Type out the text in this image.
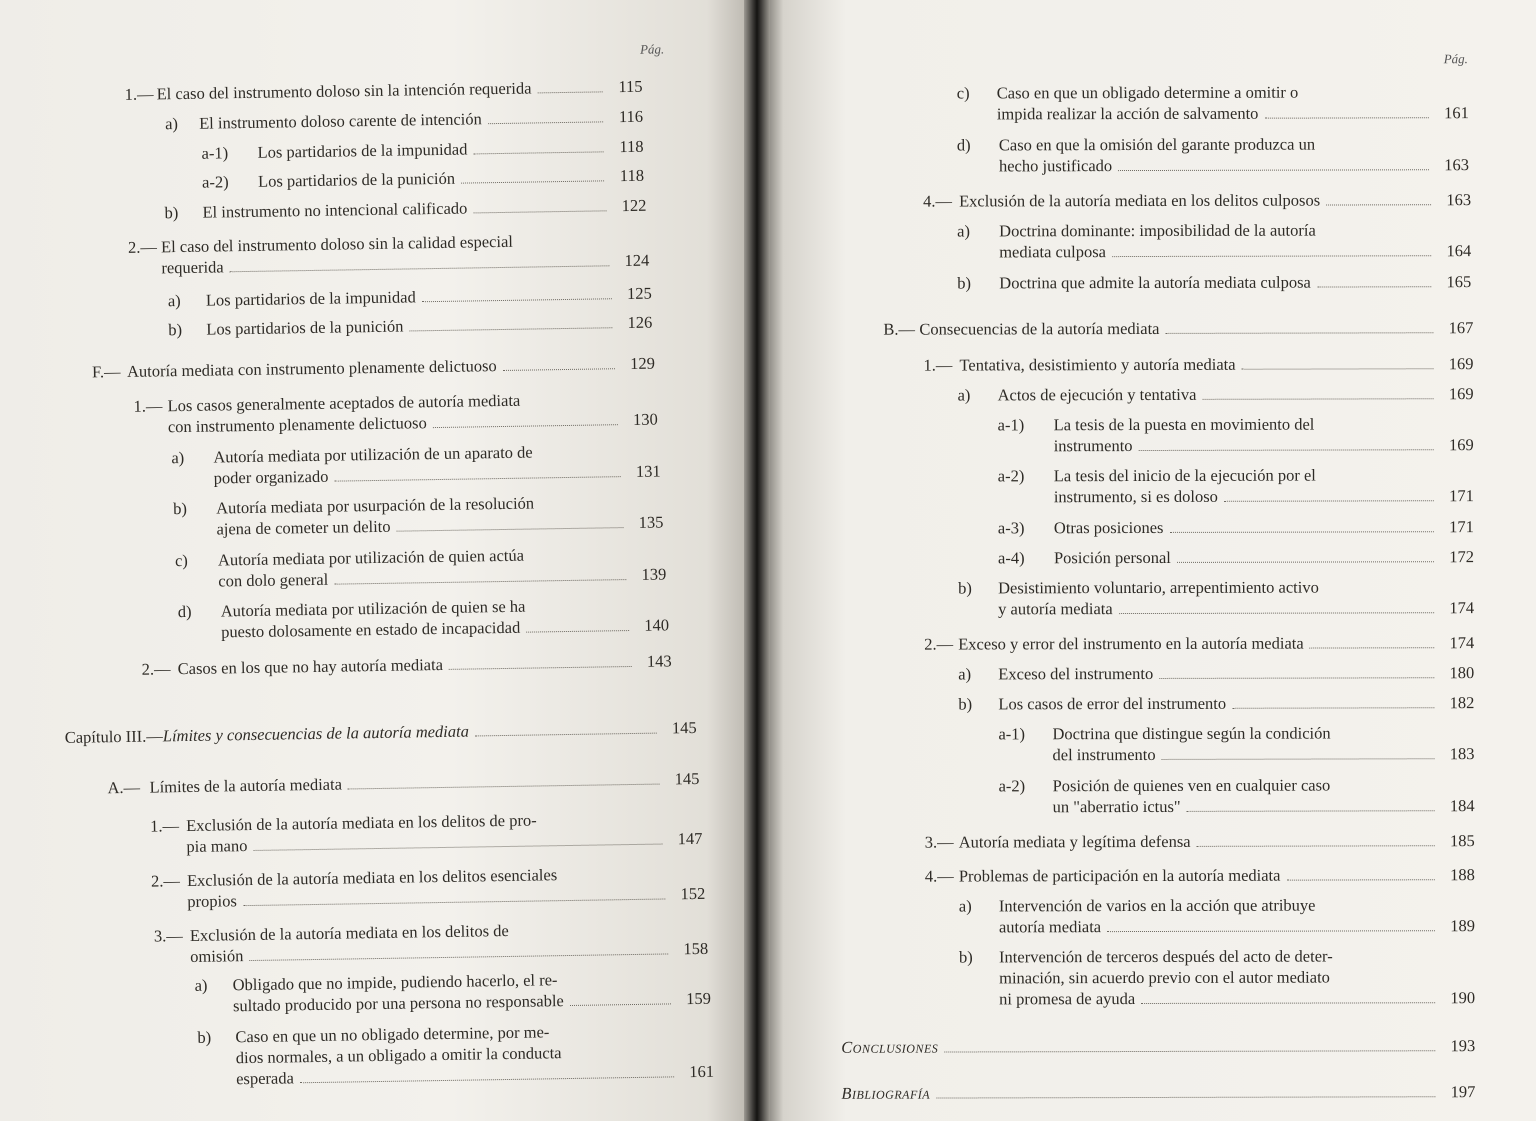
Pág.
1.— El caso del instrumento doloso sin la intención requerida	115
a)	El instrumento doloso carente de intención	116
a-1)	Los partidarios de la impunidad	118
a-2)	Los partidarios de la punición	118
b)	El instrumento no intencional calificado	122
2.— El caso del instrumento doloso sin la calidad especial
requerida	124
a)	Los partidarios de la impunidad	125
b)	Los partidarios de la punición	126
F.— Autoría mediata con instrumento plenamente delictuoso	129
1.— Los casos generalmente aceptados de autoría mediata
con instrumento plenamente delictuoso	130
a)	Autoría mediata por utilización de un aparato de
poder organizado	131
b)	Autoría mediata por usurpación de la resolución
ajena de cometer un delito	135
c)	Autoría mediata por utilización de quien actúa
con dolo general	139
d)	Autoría mediata por utilización de quien se ha
puesto dolosamente en estado de incapacidad	140
2.— Casos en los que no hay autoría mediata	143
Capítulo III.— Límites y consecuencias de la autoría mediata	145
A.— Límites de la autoría mediata	145
1.— Exclusión de la autoría mediata en los delitos de pro-
pia mano	147
2.— Exclusión de la autoría mediata en los delitos esenciales
propios	152
3.— Exclusión de la autoría mediata en los delitos de
omisión	158
a)	Obligado que no impide, pudiendo hacerlo, el re-
sultado producido por una persona no responsable	159
b)	Caso en que un no obligado determine, por me-
dios normales, a un obligado a omitir la conducta
esperada	161
Pág.
c)	Caso en que un obligado determine a omitir o
impida realizar la acción de salvamento	161
d)	Caso en que la omisión del garante produzca un
hecho justificado	163
4.— Exclusión de la autoría mediata en los delitos culposos	163
a)	Doctrina dominante: imposibilidad de la autoría
mediata culposa	164
b)	Doctrina que admite la autoría mediata culposa	165
B.— Consecuencias de la autoría mediata	167
1.— Tentativa, desistimiento y autoría mediata	169
a)	Actos de ejecución y tentativa	169
a-1)	La tesis de la puesta en movimiento del
instrumento	169
a-2)	La tesis del inicio de la ejecución por el
instrumento, si es doloso	171
a-3)	Otras posiciones	171
a-4)	Posición personal	172
b)	Desistimiento voluntario, arrepentimiento activo
y autoría mediata	174
2.— Exceso y error del instrumento en la autoría mediata	174
a)	Exceso del instrumento	180
b)	Los casos de error del instrumento	182
a-1)	Doctrina que distingue según la condición
del instrumento	183
a-2)	Posición de quienes ven en cualquier caso
un "aberratio ictus"	184
3.— Autoría mediata y legítima defensa	185
4.— Problemas de participación en la autoría mediata	188
a)	Intervención de varios en la acción que atribuye
autoría mediata	189
b)	Intervención de terceros después del acto de deter-
minación, sin acuerdo previo con el autor mediato
ni promesa de ayuda	190
Conclusiones	193
Bibliografía	197
